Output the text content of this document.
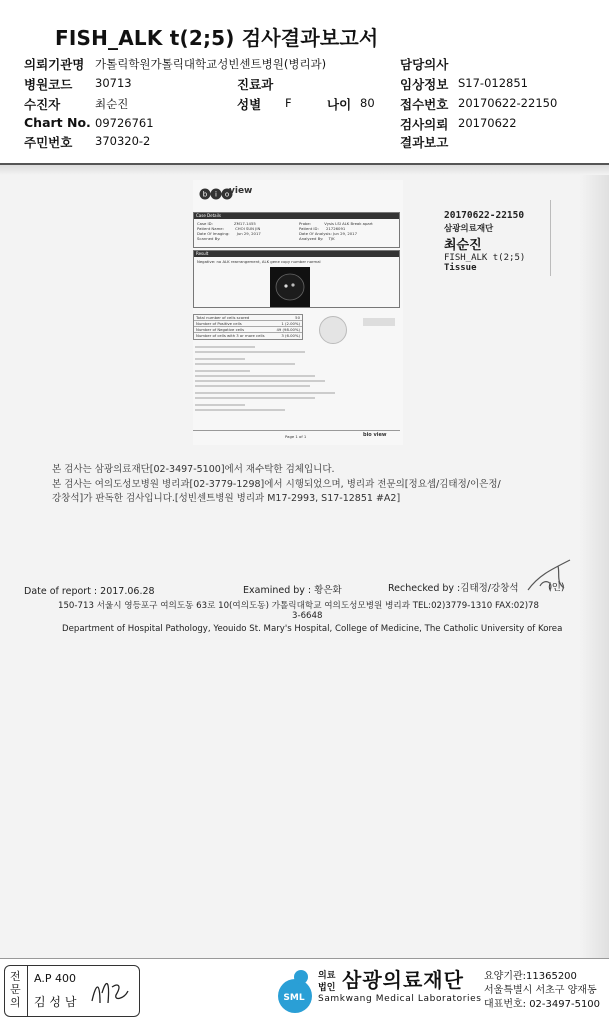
FISH_ALK t(2;5) 검사결과보고서
의뢰기관명 가톨릭학원가톨릭대학교성빈센트병원(병리과)
병원코드 30713
수진자	최순진
Chart No. 09726761
주민번호 370320-2
진료과
성별 F	나이 80
담당의사
임상정보 S17-012851
접수번호 20170622-22150
검사의뢰 20170622
결과보고
b i o view
Case Details
Case ID:	ZM17-1455
Patient Name:	CHOI SUN JIN
Date Of Imaging: Jun 29, 2017
Scanned By:
Probe:	Vysis LSI ALK Break apart
Patient ID: 21726091
Date Of Analysis: Jun 29, 2017
Analyzed By: TJK
Result
Negative: no ALK rearrangement, ALK gene copy number normal
Total number of cells scored	50
Number of Positive cells	1 (2.00%)
Number of Negative cells	49 (98.00%)
Number of cells with 3 or more cells	3 (6.00%)
Page 1 of 1	bio view
20170622-22150
삼광의료재단
최순진
FISH_ALK t(2;5)
Tissue
본 검사는 삼광의료재단[02-3497-5100]에서 재수탁한 검체입니다.
본 검사는 여의도성모병원 병리과[02-3779-1298]에서 시행되었으며, 병리과 전문의[정요셉/김태정/이은정/
강창석]가 판독한 검사입니다.[성빈센트병원 병리과 M17-2993, S17-12851 #A2]
Date of report : 2017.06.28	Examined by : 황은화	Rechecked by :김태정/강창석	(인)
150-713 서울시 영등포구 여의도동 63로 10(여의도동) 가톨릭대학교 여의도성모병원 병리과 TEL:02)3779-1310 FAX:02)78
3-6648
Department of Hospital Pathology, Yeouido St. Mary's Hospital, College of Medicine, The Catholic University of Korea
전문의
A.P 400
김 성 남	SML
의료
법인 삼광의료재단
Samkwang Medical Laboratories
요양기관:11365200
서울특별시 서초구 양재동
대표번호: 02-3497-5100
